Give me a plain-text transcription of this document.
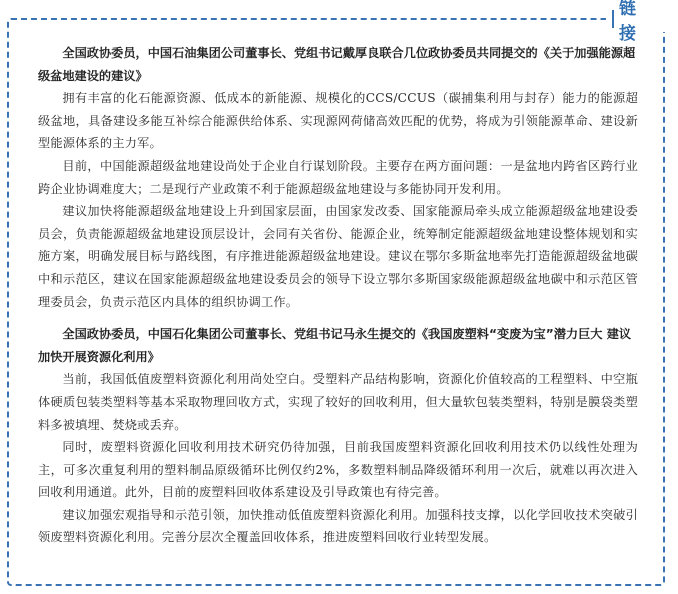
链 接

全国政协委员，中国石油集团公司董事长、党组书记戴厚良联合几位政协委员共同提交的《关于加强能源超级盆地建设的建议》

拥有丰富的化石能源资源、低成本的新能源、规模化的CCS/CCUS（碳捕集利用与封存）能力的能源超级盆地，具备建设多能互补综合能源供给体系、实现源网荷储高效匹配的优势，将成为引领能源革命、建设新型能源体系的主力军。

目前，中国能源超级盆地建设尚处于企业自行谋划阶段。主要存在两方面问题：一是盆地内跨省区跨行业跨企业协调难度大；二是现行产业政策不利于能源超级盆地建设与多能协同开发利用。

建议加快将能源超级盆地建设上升到国家层面，由国家发改委、国家能源局牵头成立能源超级盆地建设委员会，负责能源超级盆地建设顶层设计，会同有关省份、能源企业，统筹制定能源超级盆地建设整体规划和实施方案，明确发展目标与路线图，有序推进能源超级盆地建设。建议在鄂尔多斯盆地率先打造能源超级盆地碳中和示范区，建议在国家能源超级盆地建设委员会的领导下设立鄂尔多斯国家级能源超级盆地碳中和示范区管理委员会，负责示范区内具体的组织协调工作。

全国政协委员，中国石化集团公司董事长、党组书记马永生提交的《我国废塑料“变废为宝”潜力巨大 建议加快开展资源化利用》

当前，我国低值废塑料资源化利用尚处空白。受塑料产品结构影响，资源化价值较高的工程塑料、中空瓶体硬质包装类塑料等基本采取物理回收方式，实现了较好的回收利用，但大量软包装类塑料，特别是膜袋类塑料多被填埋、焚烧或丢弃。

同时，废塑料资源化回收利用技术研究仍待加强，目前我国废塑料资源化回收利用技术仍以线性处理为主，可多次重复利用的塑料制品原级循环比例仅约2%，多数塑料制品降级循环利用一次后，就难以再次进入回收利用通道。此外，目前的废塑料回收体系建设及引导政策也有待完善。

建议加强宏观指导和示范引领，加快推动低值废塑料资源化利用。加强科技支撑，以化学回收技术突破引领废塑料资源化利用。完善分层次全覆盖回收体系，推进废塑料回收行业转型发展。
